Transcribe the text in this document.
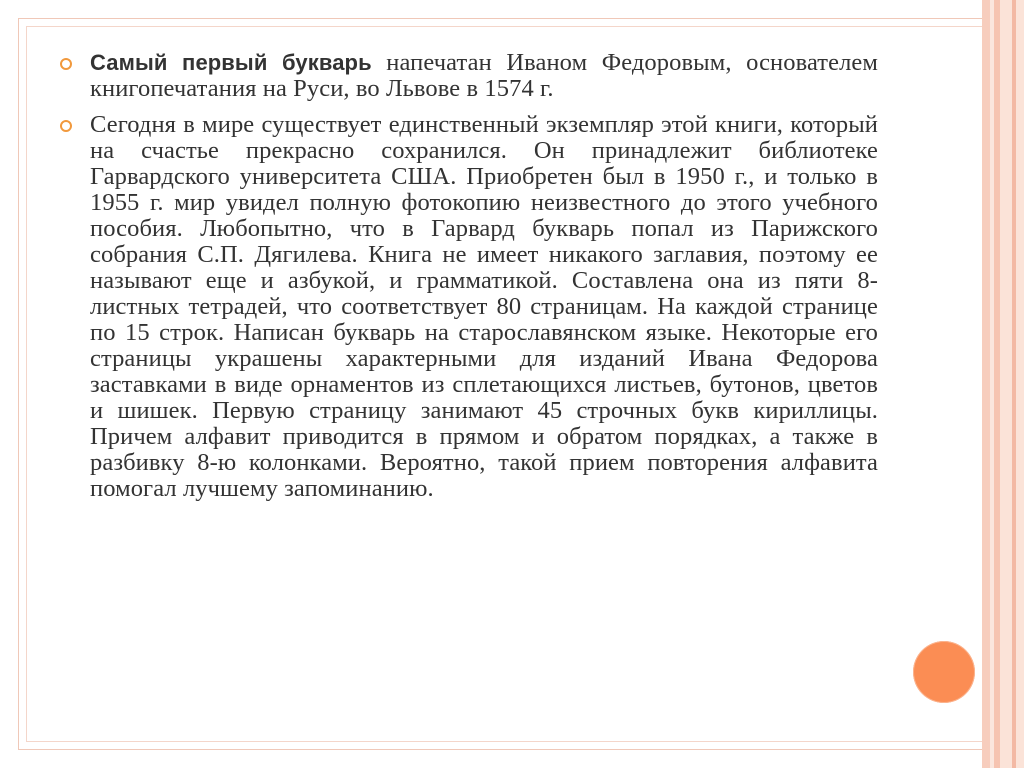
Самый первый букварь напечатан Иваном Федоровым, основателем книгопечатания на Руси, во Львове в 1574 г.
Сегодня в мире существует единственный экземпляр этой книги, который на счастье прекрасно сохранился. Он принадлежит библиотеке Гарвардского университета США. Приобретен был в 1950 г., и только в 1955 г. мир увидел полную фотокопию неизвестного до этого учебного пособия. Любопытно, что в Гарвард букварь попал из Парижского собрания С.П. Дягилева. Книга не имеет никакого заглавия, поэтому ее называют еще и азбукой, и грамматикой. Составлена она из пяти 8-листных тетрадей, что соответствует 80 страницам. На каждой странице по 15 строк. Написан букварь на старославянском языке. Некоторые его страницы украшены характерными для изданий Ивана Федорова заставками в виде орнаментов из сплетающихся листьев, бутонов, цветов и шишек. Первую страницу занимают 45 строчных букв кириллицы. Причем алфавит приводится в прямом и обратом порядках, а также в разбивку 8-ю колонками. Вероятно, такой прием повторения алфавита помогал лучшему запоминанию.
